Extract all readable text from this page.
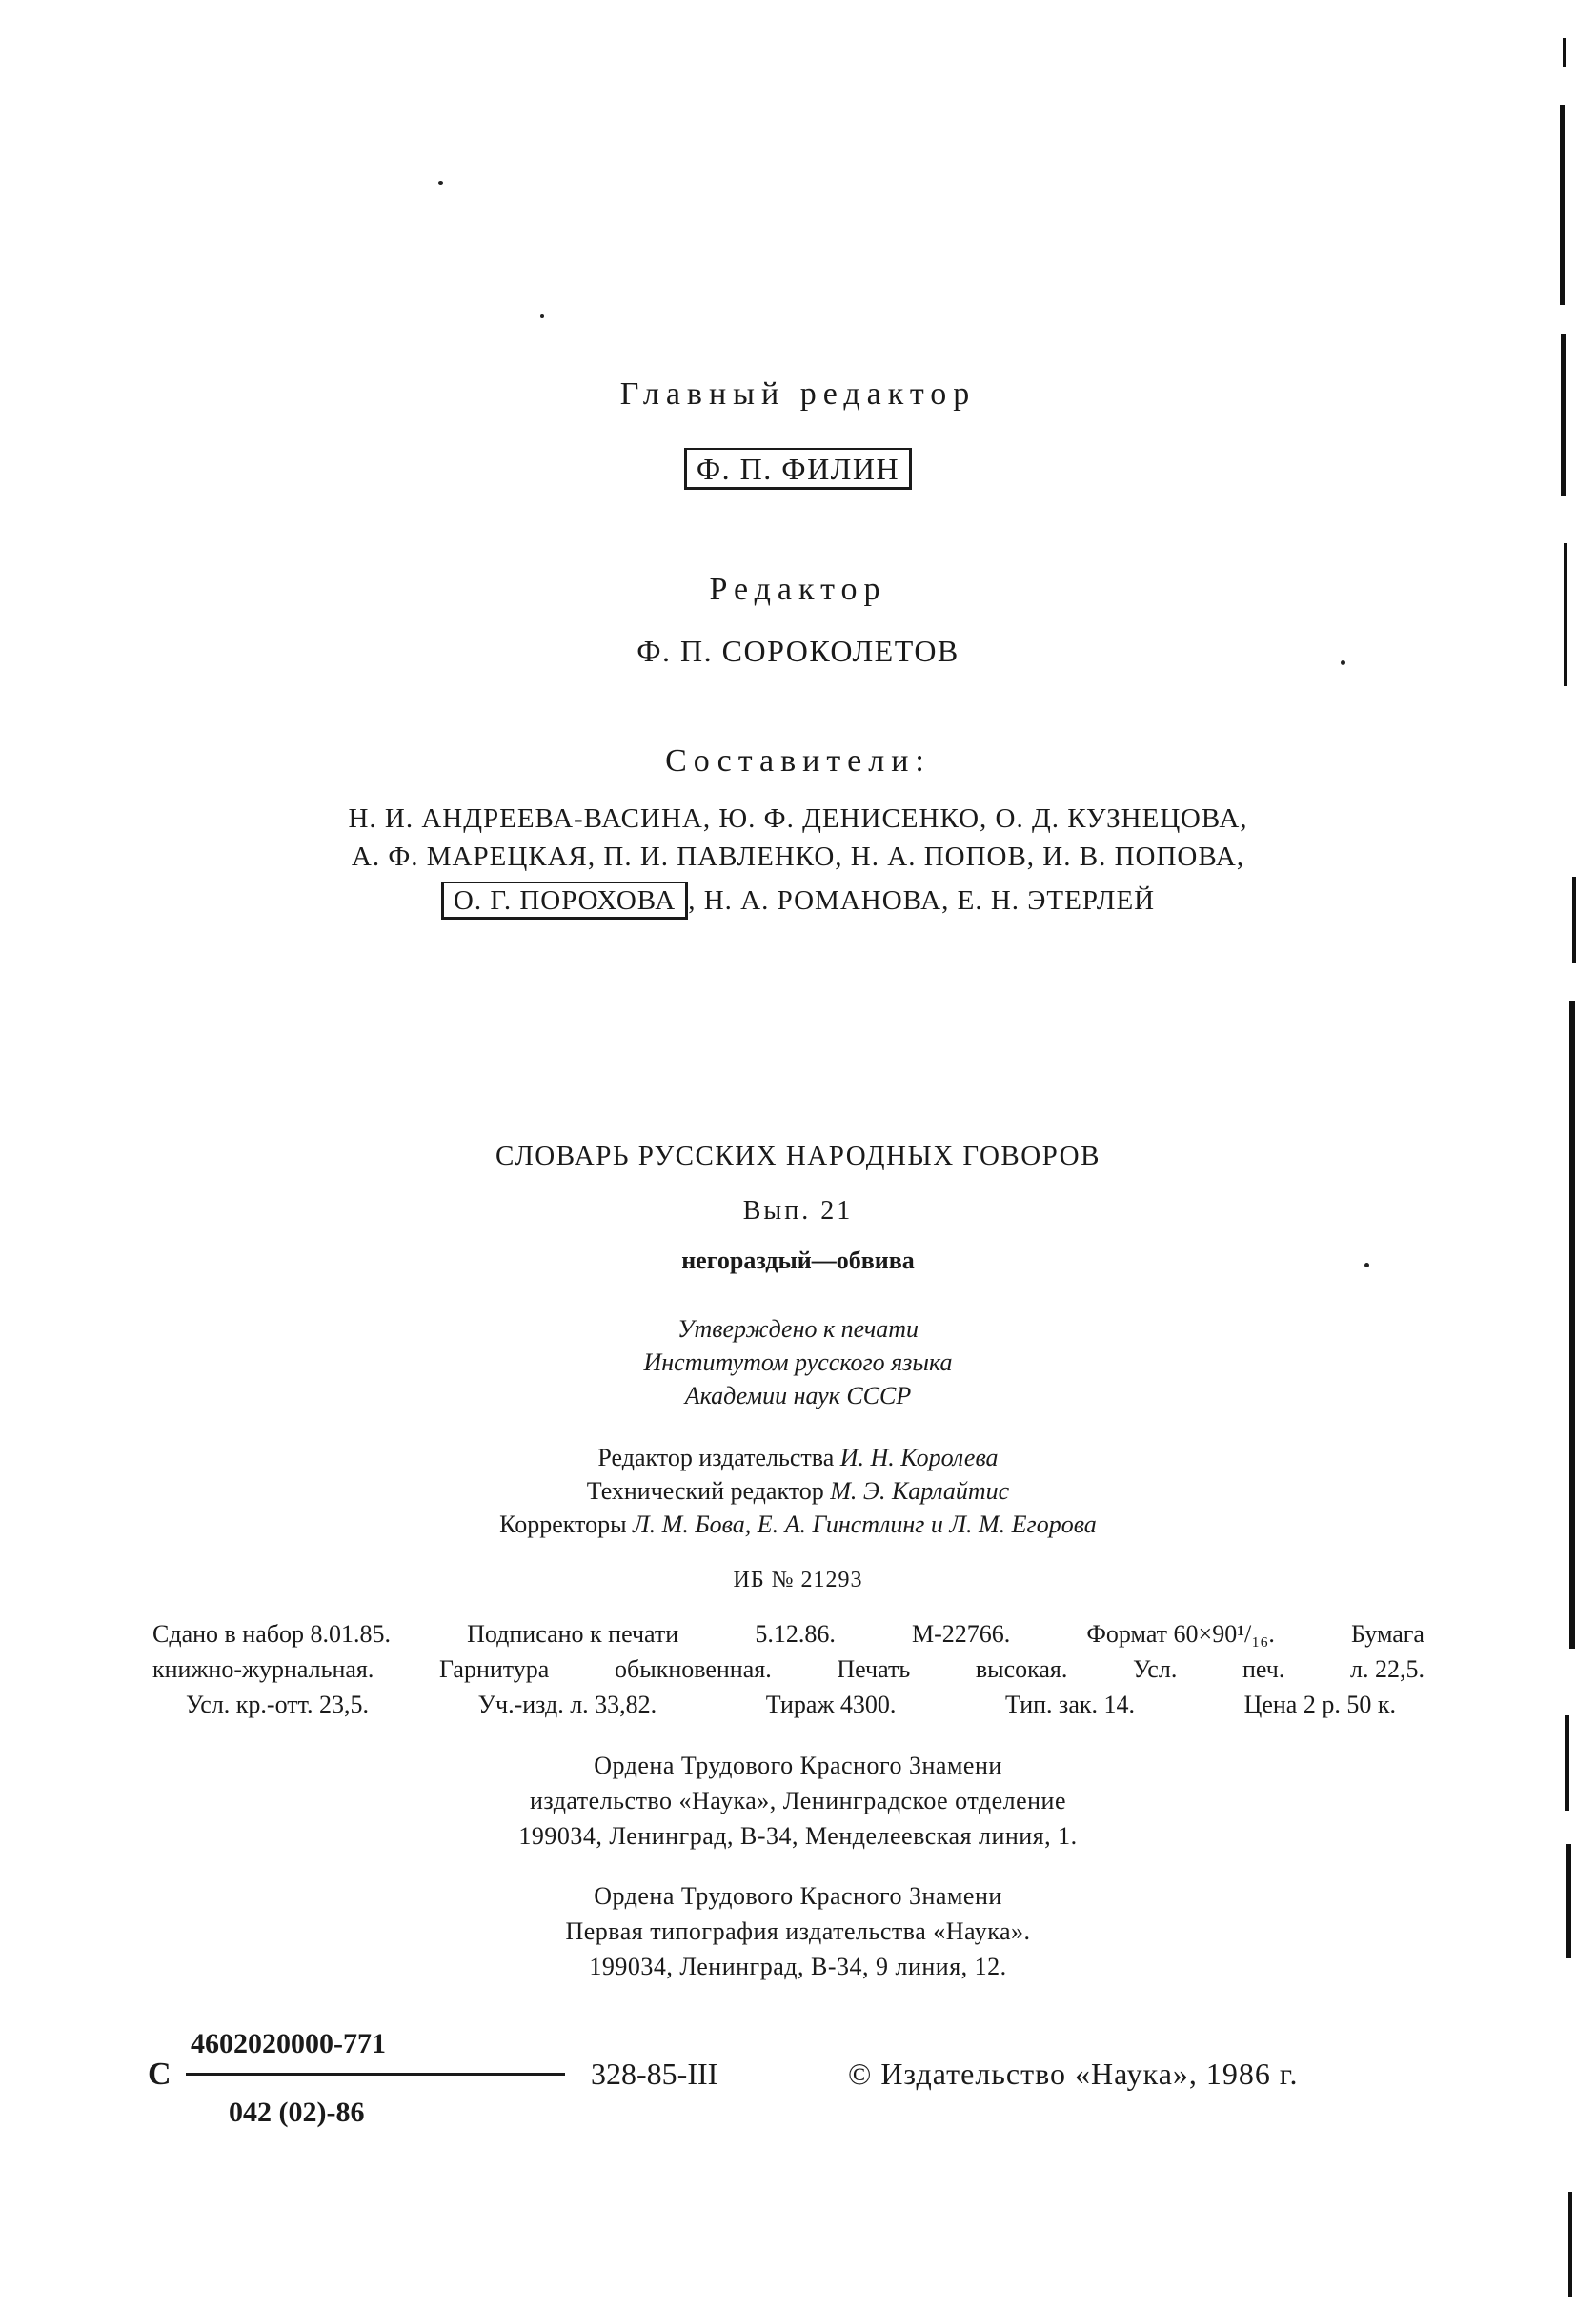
Главный редактор
Ф. П. ФИЛИН
Редактор
Ф. П. СОРОКОЛЕТОВ
Составители:
Н. И. АНДРЕЕВА-ВАСИНА, Ю. Ф. ДЕНИСЕНКО, О. Д. КУЗНЕЦОВА,
А. Ф. МАРЕЦКАЯ, П. И. ПАВЛЕНКО, Н. А. ПОПОВ, И. В. ПОПОВА,
О. Г. ПОРОХОВА , Н. А. РОМАНОВА, Е. Н. ЭТЕРЛЕЙ
СЛОВАРЬ РУССКИХ НАРОДНЫХ ГОВОРОВ
Вып. 21
негораздый—обвива
Утверждено к печати
Институтом русского языка
Академии наук СССР
Редактор издательства И. Н. Королева
Технический редактор М. Э. Карлайтис
Корректоры Л. М. Бова, Е. А. Гинстлинг и Л. М. Егорова
ИБ № 21293
Сдано в набор 8.01.85.	Подписано к печати	5.12.86.	М-22766.	Формат 60×90¹/₁₆.	Бумага
книжно-журнальная.	Гарнитура	обыкновенная.	Печать	высокая.	Усл.	печ.	л. 22,5.
Усл. кр.-отт. 23,5.	Уч.-изд. л. 33,82.	Тираж 4300.	Тип. зак. 14.	Цена 2 р. 50 к.
Ордена Трудового Красного Знамени
издательство «Наука», Ленинградское отделение
199034, Ленинград, В-34, Менделеевская линия, 1.
Ордена Трудового Красного Знамени
Первая типография издательства «Наука».
199034, Ленинград, В-34, 9 линия, 12.
С
4602020000-771
042 (02)-86
328-85-III	© Издательство «Наука», 1986 г.
